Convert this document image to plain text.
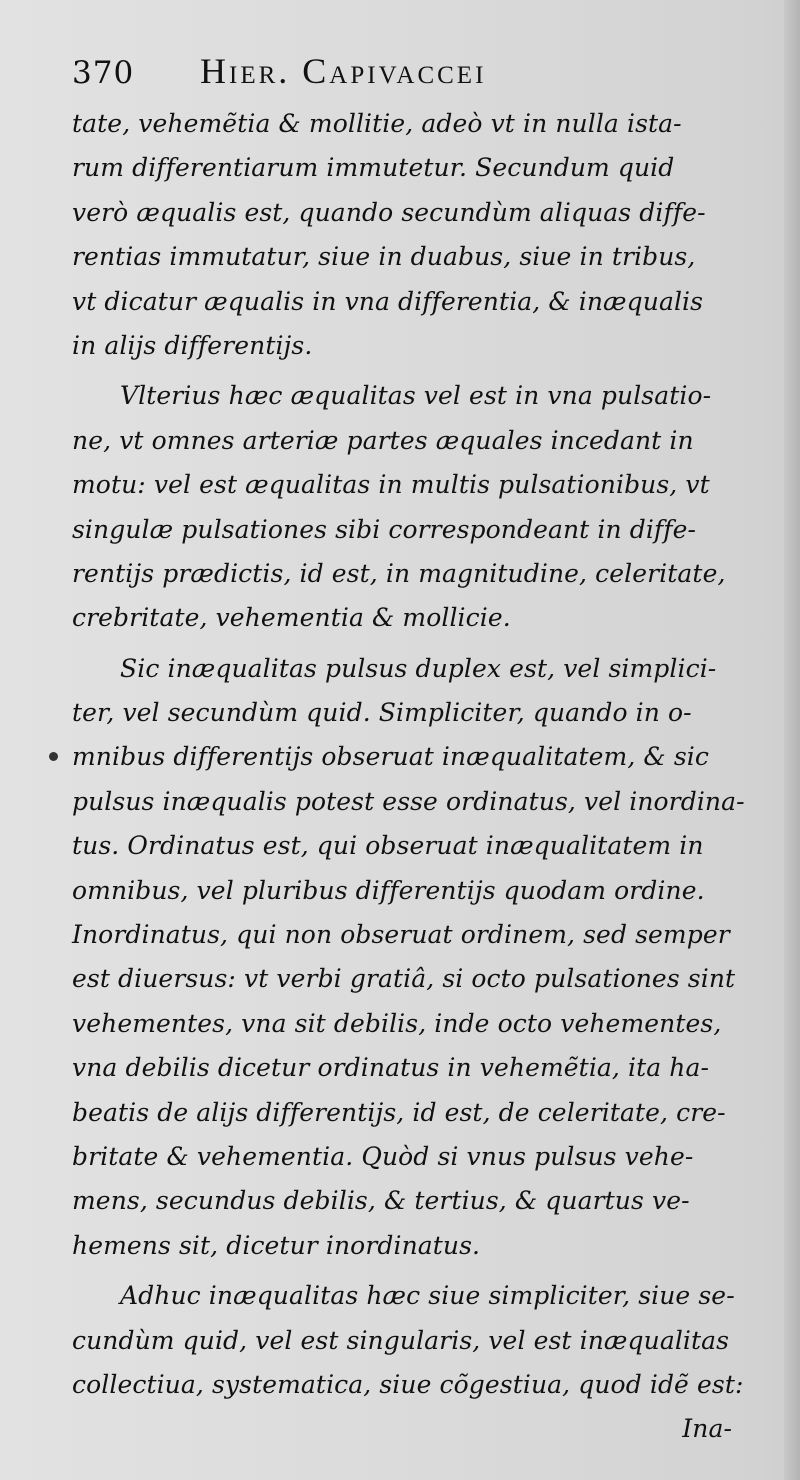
370	Hier. Capivaccei
tate, vehemẽtia & mollitie, adeò vt in nulla ista-
rum differentiarum immutetur. Secundum quid
verò æqualis est, quando secundùm aliquas diffe-
rentias immutatur, siue in duabus, siue in tribus,
vt dicatur æqualis in vna differentia, & inæqualis
in alijs differentijs.
Vlterius hæc æqualitas vel est in vna pulsatio-
ne, vt omnes arteriæ partes æquales incedant in
motu: vel est æqualitas in multis pulsationibus, vt
singulæ pulsationes sibi correspondeant in diffe-
rentijs prædictis, id est, in magnitudine, celeritate,
crebritate, vehementia & mollicie.
Sic inæqualitas pulsus duplex est, vel simplici-
ter, vel secundùm quid. Simpliciter, quando in o-
mnibus differentijs obseruat inæqualitatem, & sic
pulsus inæqualis potest esse ordinatus, vel inordina-
tus. Ordinatus est, qui obseruat inæqualitatem in
omnibus, vel pluribus differentijs quodam ordine.
Inordinatus, qui non obseruat ordinem, sed semper
est diuersus: vt verbi gratiâ, si octo pulsationes sint
vehementes, vna sit debilis, inde octo vehementes,
vna debilis dicetur ordinatus in vehemẽtia, ita ha-
beatis de alijs differentijs, id est, de celeritate, cre-
britate & vehementia. Quòd si vnus pulsus vehe-
mens, secundus debilis, & tertius, & quartus ve-
hemens sit, dicetur inordinatus.
Adhuc inæqualitas hæc siue simpliciter, siue se-
cundùm quid, vel est singularis, vel est inæqualitas
collectiua, systematica, siue cõgestiua, quod idẽ est:
Ina-
